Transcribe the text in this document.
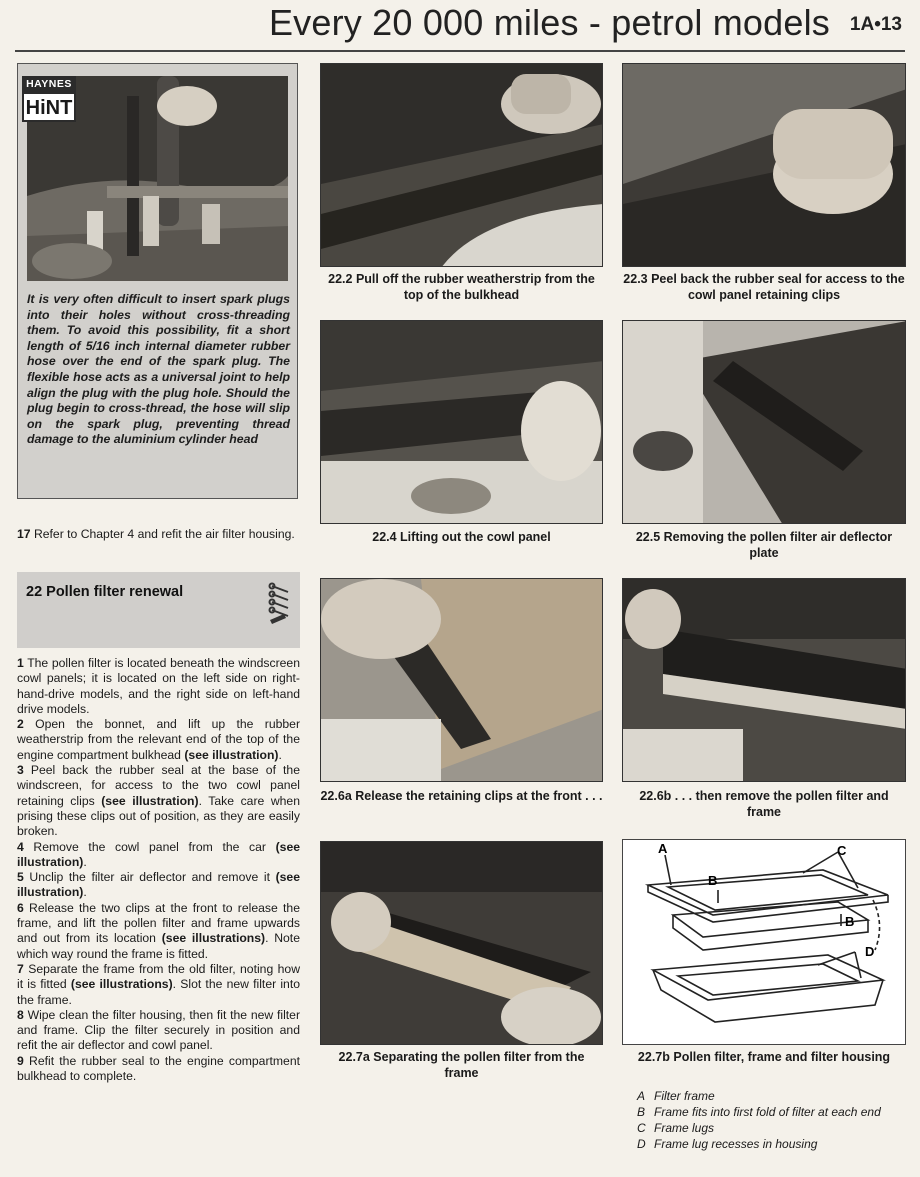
Every 20 000 miles - petrol models 1A•13
HAYNES
HiNT
It is very often difficult to insert spark plugs into their holes without cross-threading them. To avoid this possibility, fit a short length of 5/16 inch internal diameter rubber hose over the end of the spark plug. The flexible hose acts as a universal joint to help align the plug with the plug hole. Should the plug begin to cross-thread, the hose will slip on the spark plug, preventing thread damage to the aluminium cylinder head
17 Refer to Chapter 4 and refit the air filter housing.
22 Pollen filter renewal

1 The pollen filter is located beneath the windscreen cowl panels; it is located on the left side on right-hand-drive models, and the right side on left-hand drive models.

2 Open the bonnet, and lift up the rubber weatherstrip from the relevant end of the top of the engine compartment bulkhead (see illustration).

3 Peel back the rubber seal at the base of the windscreen, for access to the two cowl panel retaining clips (see illustration). Take care when prising these clips out of position, as they are easily broken.

4 Remove the cowl panel from the car (see illustration).

5 Unclip the filter air deflector and remove it (see illustration).

6 Release the two clips at the front to release the frame, and lift the pollen filter and frame upwards and out from its location (see illustrations). Note which way round the frame is fitted.

7 Separate the frame from the old filter, noting how it is fitted (see illustrations). Slot the new filter into the frame.

8 Wipe clean the filter housing, then fit the new filter and frame. Clip the filter securely in position and refit the air deflector and cowl panel.

9 Refit the rubber seal to the engine compartment bulkhead to complete.

22.2 Pull off the rubber weatherstrip from the top of the bulkhead
22.3 Peel back the rubber seal for access to the cowl panel retaining clips
22.4 Lifting out the cowl panel	22.5 Removing the pollen filter air deflector plate
22.6a Release the retaining clips at the front . . .	22.6b . . . then remove the pollen filter and frame
22.7a Separating the pollen filter from the frame
A
B
B
C
D
22.7b Pollen filter, frame and filter housing
A Filter frame
B Frame fits into first fold of filter at each end
C Frame lugs
D Frame lug recesses in housing
